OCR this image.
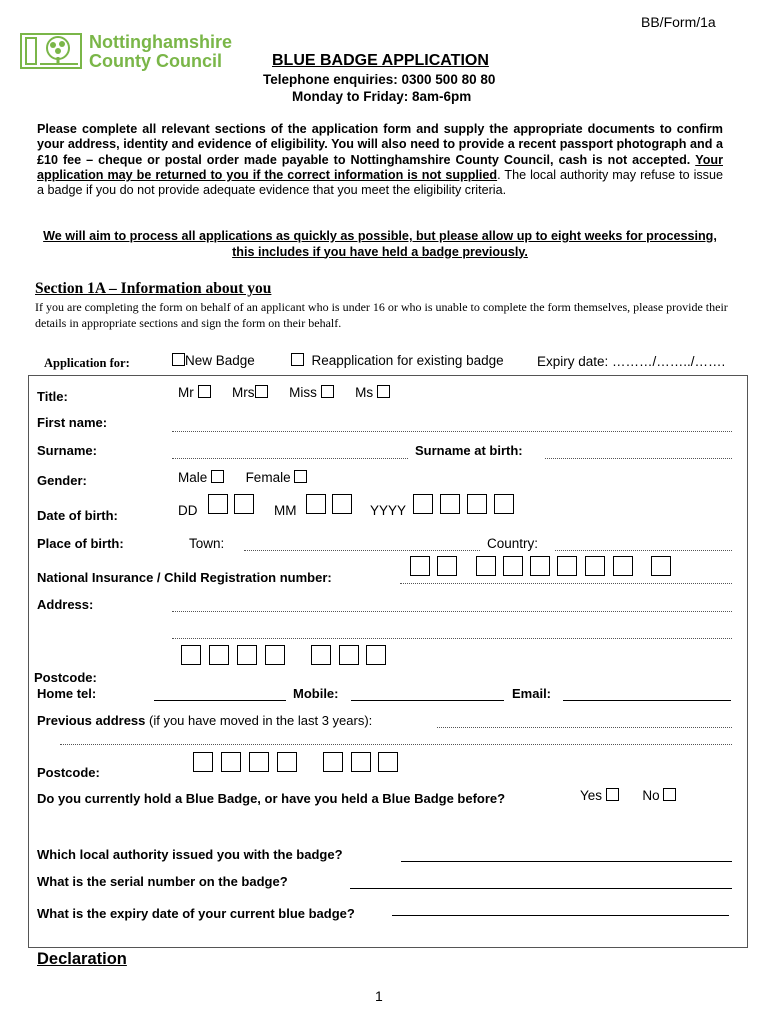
BB/Form/1a
Nottinghamshire
County Council	BLUE BADGE APPLICATION
Telephone enquiries: 0300 500 80 80
Monday to Friday: 8am-6pm
Please complete all relevant sections of the application form and supply the appropriate documents to confirm your address, identity and evidence of eligibility. You will also need to provide a recent passport photograph and a £10 fee – cheque or postal order made payable to Nottinghamshire County Council, cash is not accepted. Your application may be returned to you if the correct information is not supplied. The local authority may refuse to issue a badge if you do not provide adequate evidence that you meet the eligibility criteria.
We will aim to process all applications as quickly as possible, but please allow up to eight weeks for processing, this includes if you have held a badge previously.
Section 1A – Information about you
If you are completing the form on behalf of an applicant who is under 16 or who is unable to complete the form themselves, please provide their details in appropriate sections and sign the form on their behalf.
Application for:	New Badge	Reapplication for existing badge Expiry date: ………/……../…….
Title:	Mr	Mrs	Miss	Ms
First name:
Surname:	Surname at birth:
Gender:	Male	Female
Date of birth:	DD	MM	YYYY
Place of birth:	Town:	Country:
National Insurance / Child Registration number:
Address:
Postcode:
Home tel:	Mobile:	Email:
Previous address (if you have moved in the last 3 years):
Postcode:
Do you currently hold a Blue Badge, or have you held a Blue Badge before?	Yes	No
Which local authority issued you with the badge?
What is the serial number on the badge?
What is the expiry date of your current blue badge?
Declaration
1
